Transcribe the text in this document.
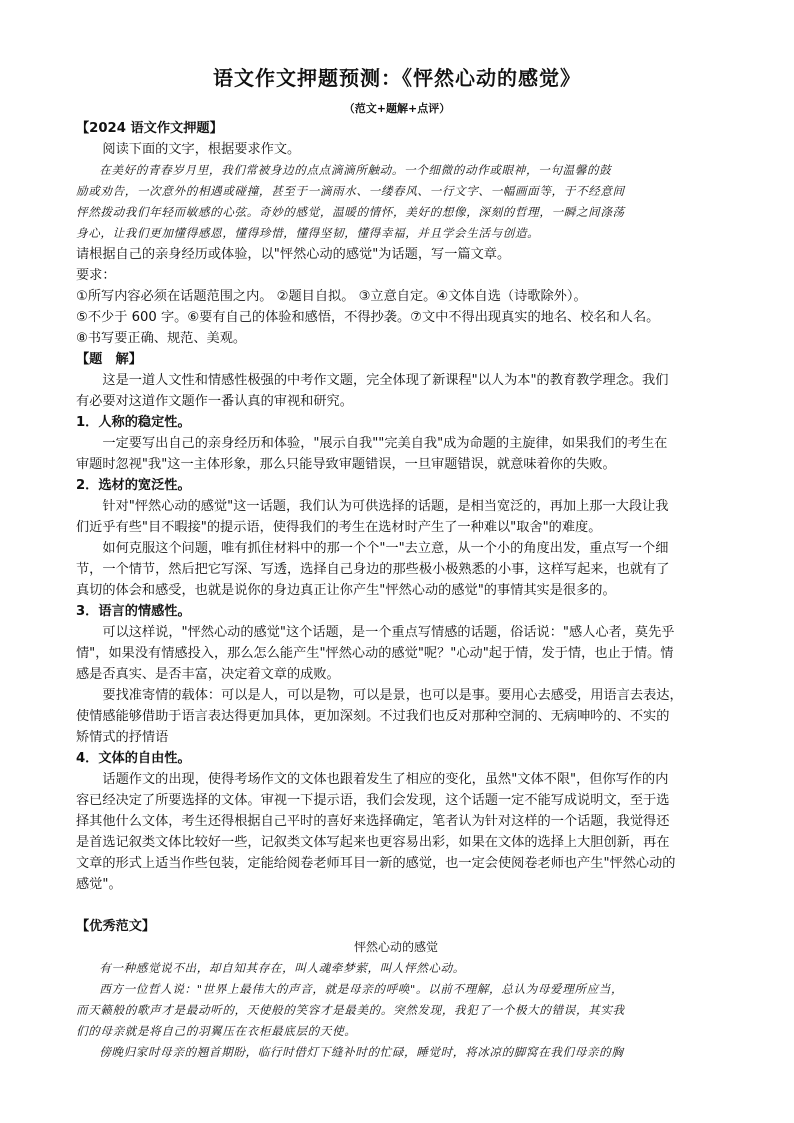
语文作文押题预测：《怦然心动的感觉》
（范文+题解+点评）
【2024 语文作文押题】
阅读下面的文字，根据要求作文。
在美好的青春岁月里，我们常被身边的点点滴滴所触动。一个细微的动作或眼神，一句温馨的鼓
励或劝告，一次意外的相遇或碰撞，甚至于一滴雨水、一缕春风、一行文字、一幅画面等，于不经意间
怦然拨动我们年轻而敏感的心弦。奇妙的感觉，温暖的情怀，美好的想像，深刻的哲理，一瞬之间涤荡
身心，让我们更加懂得感恩，懂得珍惜，懂得坚韧，懂得幸福，并且学会生活与创造。
请根据自己的亲身经历或体验，以"怦然心动的感觉"为话题，写一篇文章。
要求：
①所写内容必须在话题范围之内。 ②题目自拟。 ③立意自定。④文体自选（诗歌除外）。
⑤不少于 600 字。⑥要有自己的体验和感悟，不得抄袭。⑦文中不得出现真实的地名、校名和人名。
⑧书写要正确、规范、美观。
【题　解】
这是一道人文性和情感性极强的中考作文题，完全体现了新课程"以人为本"的教育教学理念。我们
有必要对这道作文题作一番认真的审视和研究。
1．人称的稳定性。
一定要写出自己的亲身经历和体验，"展示自我""完美自我"成为命题的主旋律，如果我们的考生在
审题时忽视"我"这一主体形象，那么只能导致审题错误，一旦审题错误，就意味着你的失败。
2．选材的宽泛性。
针对"怦然心动的感觉"这一话题，我们认为可供选择的话题，是相当宽泛的，再加上那一大段让我
们近乎有些"目不暇接"的提示语，使得我们的考生在选材时产生了一种难以"取舍"的难度。
如何克服这个问题，唯有抓住材料中的那一个个"一"去立意，从一个小的角度出发，重点写一个细
节，一个情节，然后把它写深、写透，选择自己身边的那些极小极熟悉的小事，这样写起来，也就有了
真切的体会和感受，也就是说你的身边真正让你产生"怦然心动的感觉"的事情其实是很多的。
3．语言的情感性。
可以这样说，"怦然心动的感觉"这个话题，是一个重点写情感的话题，俗话说："感人心者，莫先乎
情"，如果没有情感投入，那么怎么能产生"怦然心动的感觉"呢？"心动"起于情，发于情，也止于情。情
感是否真实、是否丰富，决定着文章的成败。
要找准寄情的载体：可以是人，可以是物，可以是景，也可以是事。要用心去感受，用语言去表达，
使情感能够借助于语言表达得更加具体，更加深刻。不过我们也反对那种空洞的、无病呻吟的、不实的
矫情式的抒情语
4．文体的自由性。
话题作文的出现，使得考场作文的文体也跟着发生了相应的变化，虽然"文体不限"，但你写作的内
容已经决定了所要选择的文体。审视一下提示语，我们会发现，这个话题一定不能写成说明文，至于选
择其他什么文体，考生还得根据自己平时的喜好来选择确定，笔者认为针对这样的一个话题，我觉得还
是首选记叙类文体比较好一些，记叙类文体写起来也更容易出彩，如果在文体的选择上大胆创新，再在
文章的形式上适当作些包装，定能给阅卷老师耳目一新的感觉，也一定会使阅卷老师也产生"怦然心动的
感觉"。
【优秀范文】
怦然心动的感觉
有一种感觉说不出，却自知其存在，叫人魂牵梦萦，叫人怦然心动。
西方一位哲人说："世界上最伟大的声音，就是母亲的呼唤"。以前不理解，总认为母爱理所应当，
而天籁般的歌声才是最动听的，天使般的笑容才是最美的。突然发现，我犯了一个极大的错误，其实我
们的母亲就是将自己的羽翼压在衣柜最底层的天使。
傍晚归家时母亲的翘首期盼，临行时借灯下缝补时的忙碌，睡觉时，将冰凉的脚窝在我们母亲的胸
